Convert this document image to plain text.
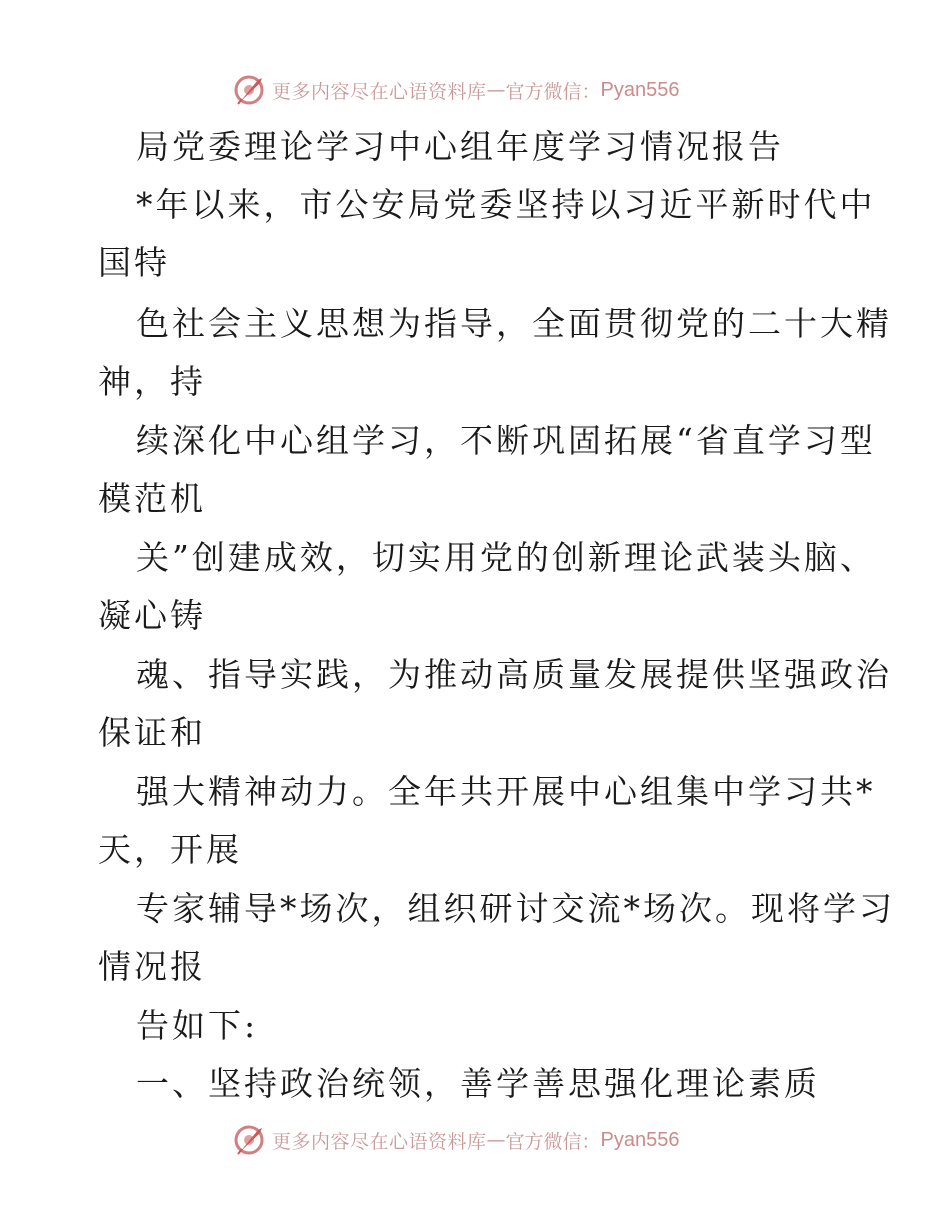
更多内容尽在心语资料库 — 官方微信： Pyan556
局党委理论学习中心组年度学习情况报告
*年以来，市公安局党委坚持以习近平新时代中
国特
色社会主义思想为指导，全面贯彻党的二十大精
神，持
续深化中心组学习，不断巩固拓展“省直学习型
模范机
关”创建成效，切实用党的创新理论武装头脑、
凝心铸
魂、指导实践，为推动高质量发展提供坚强政治
保证和
强大精神动力。全年共开展中心组集中学习共*
天，开展
专家辅导*场次，组织研讨交流*场次。现将学习
情况报
告如下:
一、坚持政治统领，善学善思强化理论素质
更多内容尽在心语资料库 — 官方微信： Pyan556
